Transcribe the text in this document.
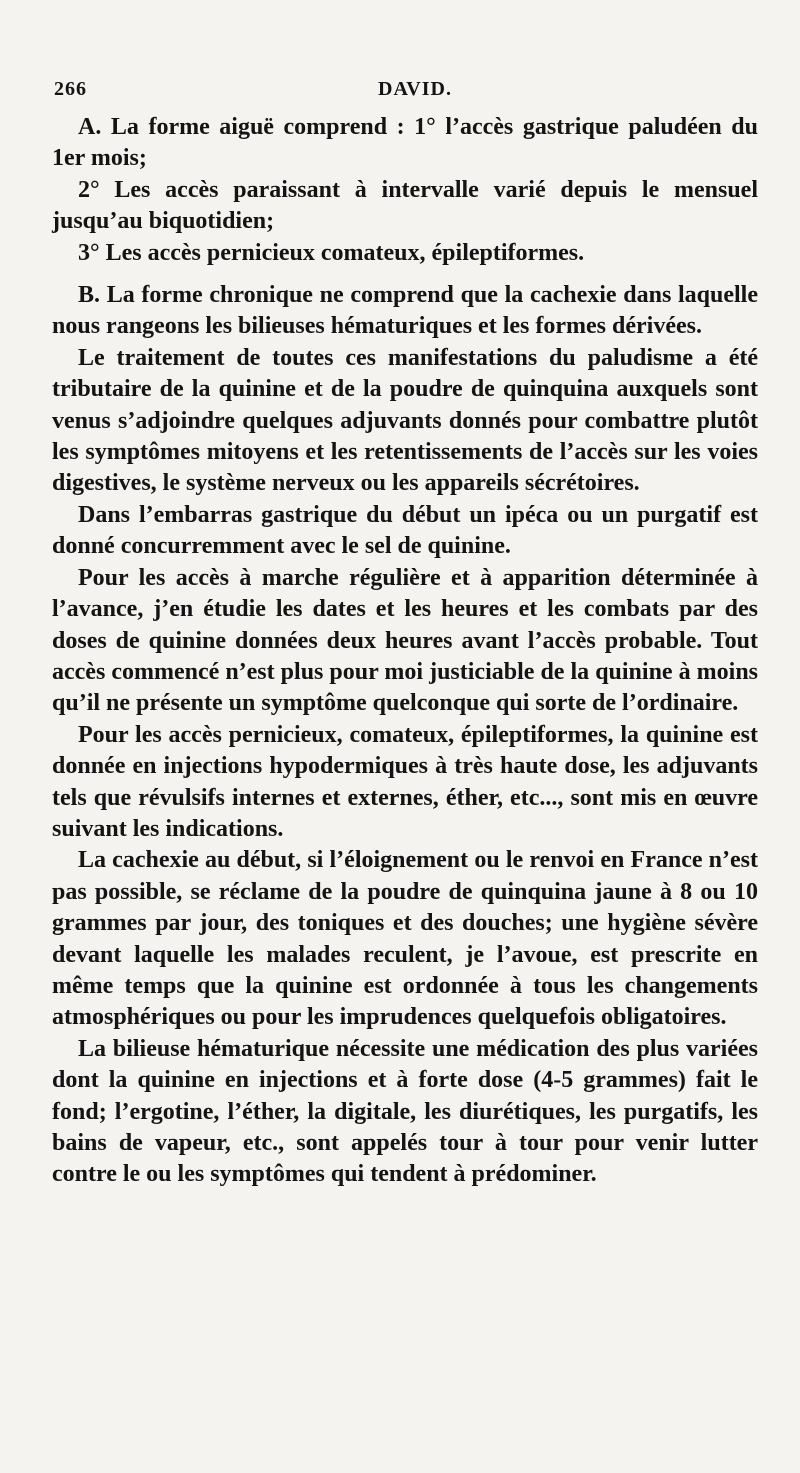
266	DAVID.

A. La forme aiguë comprend : 1° l’accès gastrique paludéen du 1er mois;

2° Les accès paraissant à intervalle varié depuis le mensuel jusqu’au biquotidien;

3° Les accès pernicieux comateux, épileptiformes.

B. La forme chronique ne comprend que la cachexie dans laquelle nous rangeons les bilieuses hématuriques et les formes dérivées.

Le traitement de toutes ces manifestations du paludisme a été tributaire de la quinine et de la poudre de quinquina auxquels sont venus s’adjoindre quelques adjuvants donnés pour combattre plutôt les symptômes mitoyens et les retentissements de l’accès sur les voies digestives, le système nerveux ou les appareils sécrétoires.

Dans l’embarras gastrique du début un ipéca ou un purgatif est donné concurremment avec le sel de quinine.

Pour les accès à marche régulière et à apparition déterminée à l’avance, j’en étudie les dates et les heures et les combats par des doses de quinine données deux heures avant l’accès probable. Tout accès commencé n’est plus pour moi justiciable de la quinine à moins qu’il ne présente un symptôme quelconque qui sorte de l’ordinaire.

Pour les accès pernicieux, comateux, épileptiformes, la quinine est donnée en injections hypodermiques à très haute dose, les adjuvants tels que révulsifs internes et externes, éther, etc..., sont mis en œuvre suivant les indications.

La cachexie au début, si l’éloignement ou le renvoi en France n’est pas possible, se réclame de la poudre de quinquina jaune à 8 ou 10 grammes par jour, des toniques et des douches; une hygiène sévère devant laquelle les malades reculent, je l’avoue, est prescrite en même temps que la quinine est ordonnée à tous les changements atmosphériques ou pour les imprudences quelquefois obligatoires.

La bilieuse hématurique nécessite une médication des plus variées dont la quinine en injections et à forte dose (4-5 grammes) fait le fond; l’ergotine, l’éther, la digitale, les diurétiques, les purgatifs, les bains de vapeur, etc., sont appelés tour à tour pour venir lutter contre le ou les symptômes qui tendent à prédominer.
